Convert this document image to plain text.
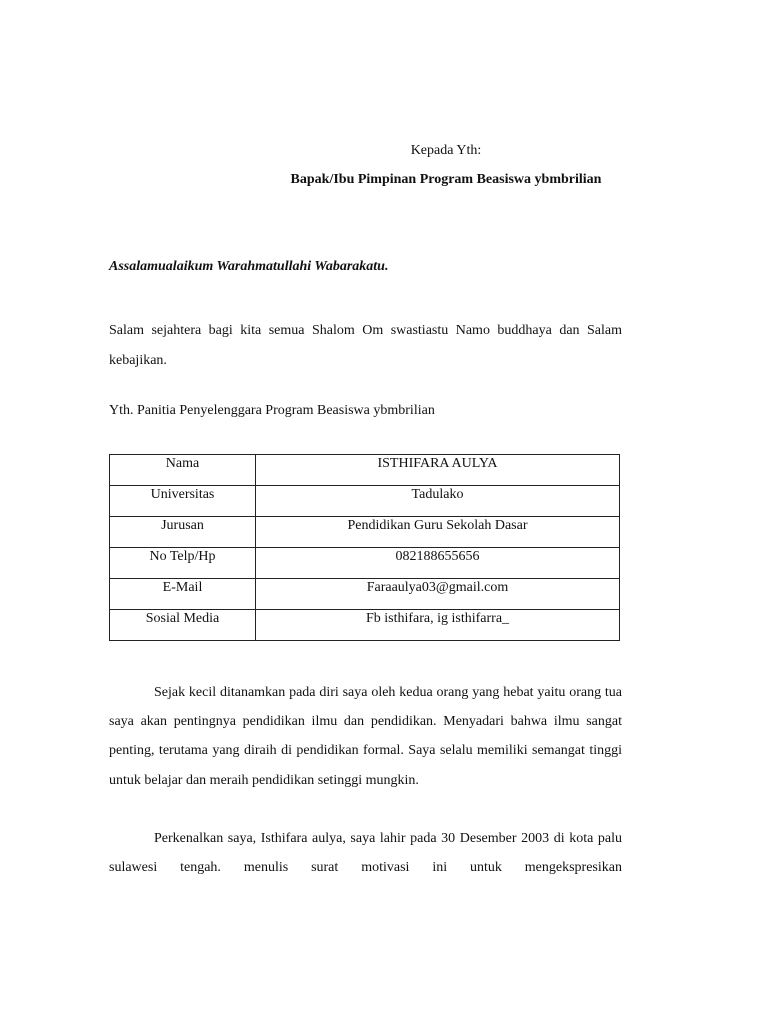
Kepada Yth:
Bapak/Ibu Pimpinan Program Beasiswa ybmbrilian
Assalamualaikum Warahmatullahi Wabarakatu.
Salam sejahtera bagi kita semua Shalom Om swastiastu Namo buddhaya dan Salam kebajikan.
Yth. Panitia Penyelenggara Program Beasiswa ybmbrilian
Nama	ISTHIFARA AULYA
Universitas	Tadulako
Jurusan	Pendidikan Guru Sekolah Dasar
No Telp/Hp	082188655656
E-Mail	Faraaulya03@gmail.com
Sosial Media	Fb isthifara, ig isthifarra_
Sejak kecil ditanamkan pada diri saya oleh kedua orang yang hebat yaitu orang tua saya akan pentingnya pendidikan ilmu dan pendidikan. Menyadari bahwa ilmu sangat penting, terutama yang diraih di pendidikan formal. Saya selalu memiliki semangat tinggi untuk belajar dan meraih pendidikan setinggi mungkin.
Perkenalkan saya, Isthifara aulya, saya lahir pada 30 Desember 2003 di kota palu sulawesi tengah. menulis surat motivasi ini untuk mengekspresikan
